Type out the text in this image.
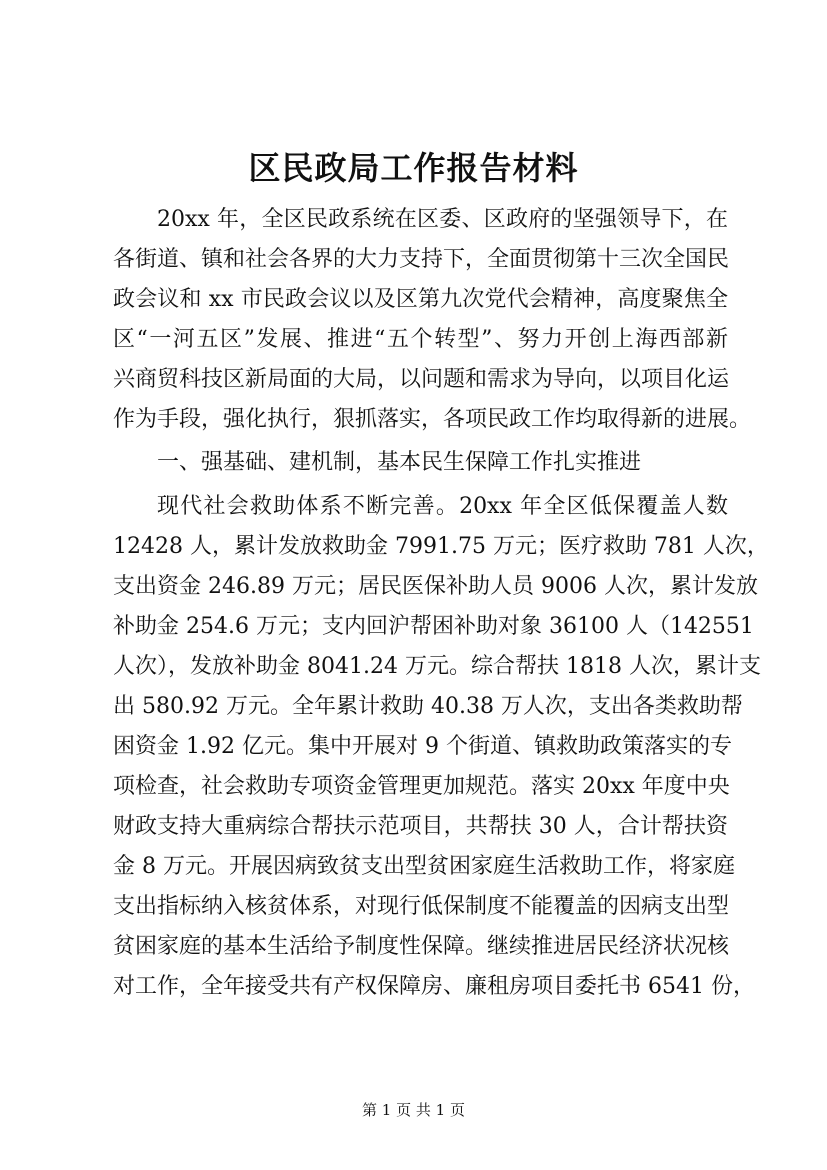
区民政局工作报告材料
20xx 年，全区民政系统在区委、区政府的坚强领导下，在
各街道、镇和社会各界的大力支持下，全面贯彻第十三次全国民
政会议和 xx 市民政会议以及区第九次党代会精神，高度聚焦全
区“一河五区”发展、推进“五个转型”、努力开创上海西部新
兴商贸科技区新局面的大局，以问题和需求为导向，以项目化运
作为手段，强化执行，狠抓落实，各项民政工作均取得新的进展。
一、强基础、建机制，基本民生保障工作扎实推进
现代社会救助体系不断完善。20xx 年全区低保覆盖人数
12428 人，累计发放救助金 7991.75 万元；医疗救助 781 人次，
支出资金 246.89 万元；居民医保补助人员 9006 人次，累计发放
补助金 254.6 万元；支内回沪帮困补助对象 36100 人（142551
人次），发放补助金 8041.24 万元。综合帮扶 1818 人次，累计支
出 580.92 万元。全年累计救助 40.38 万人次，支出各类救助帮
困资金 1.92 亿元。集中开展对 9 个街道、镇救助政策落实的专
项检查，社会救助专项资金管理更加规范。落实 20xx 年度中央
财政支持大重病综合帮扶示范项目，共帮扶 30 人，合计帮扶资
金 8 万元。开展因病致贫支出型贫困家庭生活救助工作，将家庭
支出指标纳入核贫体系，对现行低保制度不能覆盖的因病支出型
贫困家庭的基本生活给予制度性保障。继续推进居民经济状况核
对工作，全年接受共有产权保障房、廉租房项目委托书 6541 份，
第 1 页 共 1 页
